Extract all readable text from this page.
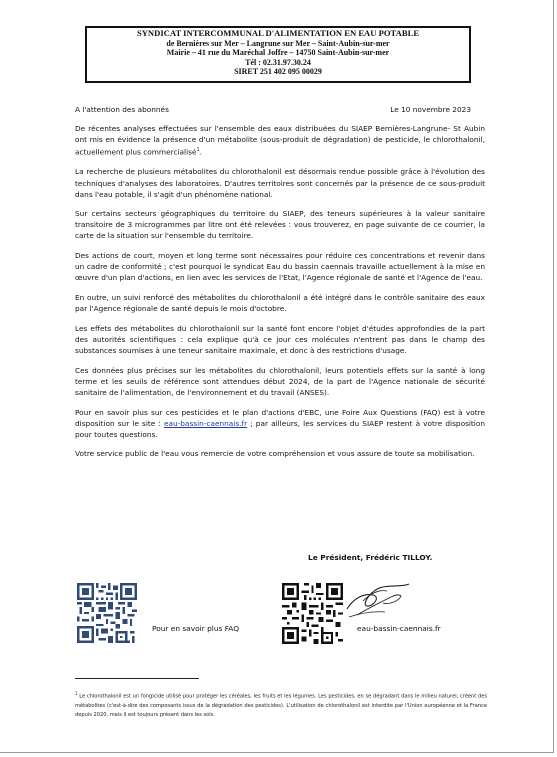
SYNDICAT INTERCOMMUNAL D'ALIMENTATION EN EAU POTABLE
de Bernières sur Mer – Langrune sur Mer – Saint-Aubin-sur-mer
Mairie – 41 rue du Maréchal Joffre – 14750 Saint-Aubin-sur-mer
Tél : 02.31.97.30.24
SIRET 251 402 095 00029
A l'attention des abonnés	Le 10 novembre 2023

De récentes analyses effectuées sur l'ensemble des eaux distribuées du SIAEP Bernières-Langrune- St Aubin ont mis en évidence la présence d'un métabolite (sous-produit de dégradation) de pesticide, le chlorothalonil, actuellement plus commercialisé$^1$.

La recherche de plusieurs métabolites du chlorothalonil est désormais rendue possible grâce à l'évolution des techniques d'analyses des laboratoires. D'autres territoires sont concernés par la présence de ce sous-produit dans l'eau potable, il s'agit d'un phénomène national.

Sur certains secteurs géographiques du territoire du SIAEP, des teneurs supérieures à la valeur sanitaire transitoire de 3 microgrammes par litre ont été relevées : vous trouverez, en page suivante de ce courrier, la carte de la situation sur l'ensemble du territoire.

Des actions de court, moyen et long terme sont nécessaires pour réduire ces concentrations et revenir dans un cadre de conformité ; c'est pourquoi le syndicat Eau du bassin caennais travaille actuellement à la mise en œuvre d'un plan d'actions, en lien avec les services de l'Etat, l'Agence régionale de santé et l'Agence de l'eau.

En outre, un suivi renforcé des métabolites du chlorothalonil a été intégré dans le contrôle sanitaire des eaux par l'Agence régionale de santé depuis le mois d'octobre.

Les effets des métabolites du chlorothalonil sur la santé font encore l'objet d'études approfondies de la part des autorités scientifiques : cela explique qu'à ce jour ces molécules n'entrent pas dans le champ des substances soumises à une teneur sanitaire maximale, et donc à des restrictions d'usage.

Ces données plus précises sur les métabolites du chlorothalonil, leurs potentiels effets sur la santé à long terme et les seuils de référence sont attendues début 2024, de la part de l'Agence nationale de sécurité sanitaire de l'alimentation, de l'environnement et du travail (ANSES).

Pour en savoir plus sur ces pesticides et le plan d'actions d'EBC, une Foire Aux Questions (FAQ) est à votre disposition sur le site : eau-bassin-caennais.fr ; par ailleurs, les services du SIAEP restent à votre disposition pour toutes questions.

Votre service public de l'eau vous remercie de votre compréhension et vous assure de toute sa mobilisation.

Le Président, Frédéric TILLOY.
Pour en savoir plus FAQ	eau-bassin-caennais.fr
$^1$ Le chlorothalonil est un fongicide utilisé pour protéger les céréales, les fruits et les légumes. Les pesticides, en se dégradant dans le milieu naturel, créent des métabolites (c'est-à-dire des composants issus de la dégradation des pesticides). L'utilisation de chlorothalonil est interdite par l'Union européenne et la France depuis 2020, mais il est toujours présent dans les sols.
